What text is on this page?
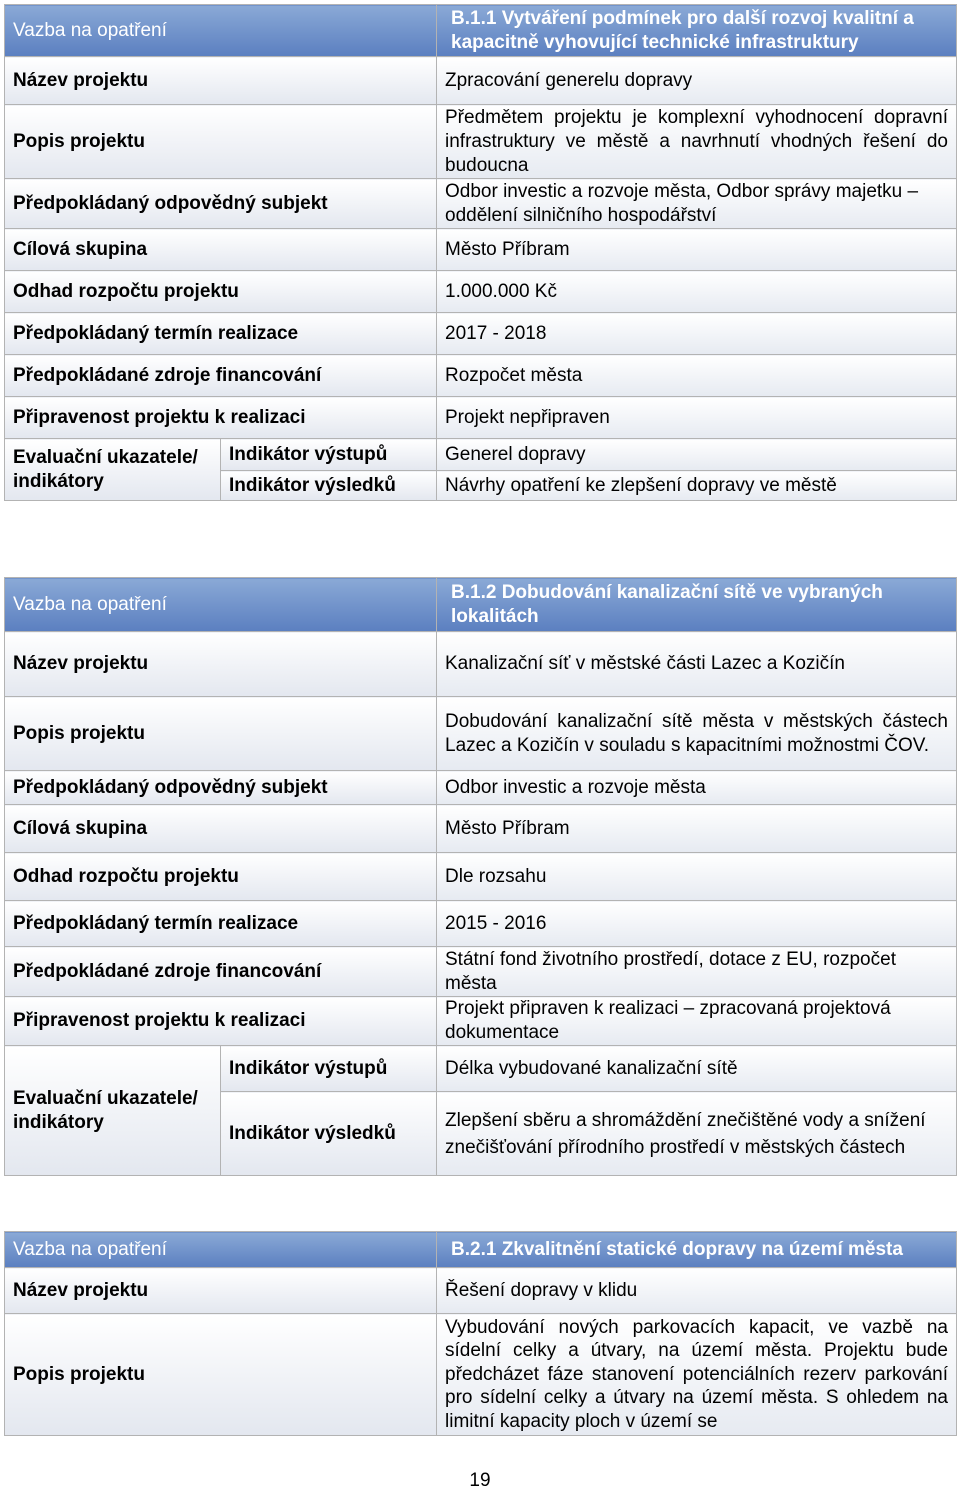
Vazba na opatření		B.1.1 Vytváření podmínek pro další rozvoj kvalitní a kapacitně vyhovující technické infrastruktury
Název projektu		Zpracování generelu dopravy
Popis projektu		Předmětem projektu je komplexní vyhodnocení dopravní infrastruktury ve městě a navrhnutí vhodných řešení do budoucna
Předpokládaný odpovědný subjekt		Odbor investic a rozvoje města, Odbor správy majetku – oddělení silničního hospodářství
Cílová skupina		Město Příbram
Odhad rozpočtu projektu		1.000.000 Kč
Předpokládaný termín realizace		2017 - 2018
Předpokládané zdroje financování		Rozpočet města
Připravenost projektu k realizaci		Projekt nepřipraven
Evaluační ukazatele/ indikátory	Indikátor výstupů	Generel dopravy
	Indikátor výsledků	Návrhy opatření ke zlepšení dopravy ve městě
Vazba na opatření		B.1.2 Dobudování kanalizační sítě ve vybraných lokalitách
Název projektu		Kanalizační síť v městské části Lazec a Kozičín
Popis projektu		Dobudování kanalizační sítě města v městských částech Lazec a Kozičín v souladu s kapacitními možnostmi ČOV.
Předpokládaný odpovědný subjekt		Odbor investic a rozvoje města
Cílová skupina		Město Příbram
Odhad rozpočtu projektu		Dle rozsahu
Předpokládaný termín realizace		2015 - 2016
Předpokládané zdroje financování		Státní fond životního prostředí, dotace z EU, rozpočet města
Připravenost projektu k realizaci		Projekt připraven k realizaci – zpracovaná projektová dokumentace
Evaluační ukazatele/ indikátory	Indikátor výstupů	Délka vybudované kanalizační sítě
	Indikátor výsledků	Zlepšení sběru a shromáždění znečištěné vody a snížení znečišťování přírodního prostředí v městských částech
Vazba na opatření	B.2.1 Zkvalitnění statické dopravy na území města
Název projektu	Řešení dopravy v klidu
Popis projektu	Vybudování nových parkovacích kapacit, ve vazbě na sídelní celky a útvary, na území města. Projektu bude předcházet fáze stanovení potenciálních rezerv parkování pro sídelní celky a útvary na území města. S ohledem na limitní kapacity ploch v území se
19
